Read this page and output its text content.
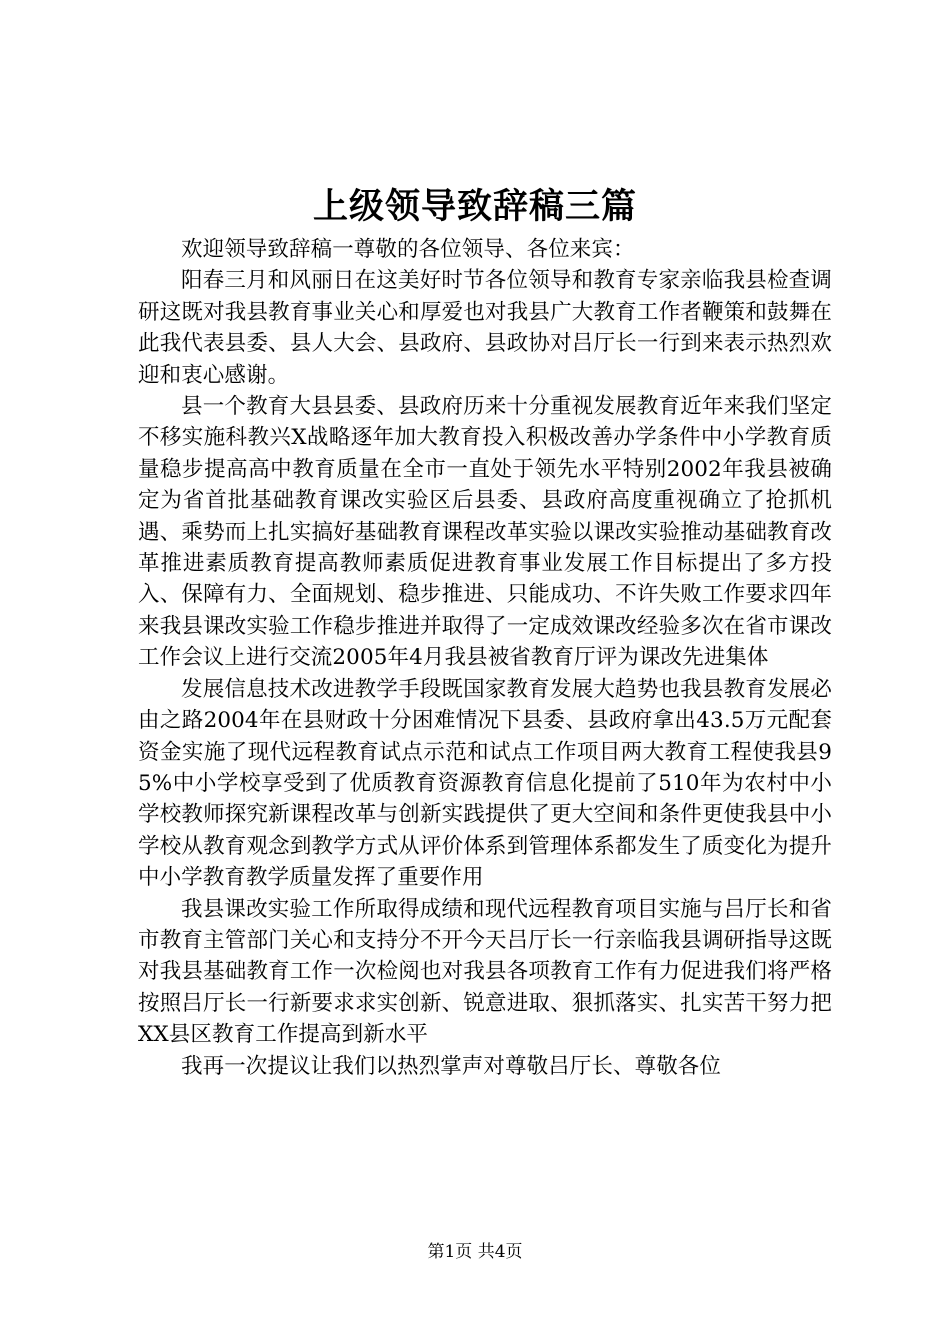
上级领导致辞稿三篇

欢迎领导致辞稿一尊敬的各位领导、各位来宾：

阳春三月和风丽日在这美好时节各位领导和教育专家亲临我县检查调研这既对我县教育事业关心和厚爱也对我县广大教育工作者鞭策和鼓舞在此我代表县委、县人大会、县政府、县政协对吕厅长一行到来表示热烈欢迎和衷心感谢。

县一个教育大县县委、县政府历来十分重视发展教育近年来我们坚定不移实施科教兴X战略逐年加大教育投入积极改善办学条件中小学教育质量稳步提高高中教育质量在全市一直处于领先水平特别2002年我县被确定为省首批基础教育课改实验区后县委、县政府高度重视确立了抢抓机遇、乘势而上扎实搞好基础教育课程改革实验以课改实验推动基础教育改革推进素质教育提高教师素质促进教育事业发展工作目标提出了多方投入、保障有力、全面规划、稳步推进、只能成功、不许失败工作要求四年来我县课改实验工作稳步推进并取得了一定成效课改经验多次在省市课改工作会议上进行交流2005年4月我县被省教育厅评为课改先进集体

发展信息技术改进教学手段既国家教育发展大趋势也我县教育发展必由之路2004年在县财政十分困难情况下县委、县政府拿出43.5万元配套资金实施了现代远程教育试点示范和试点工作项目两大教育工程使我县95%中小学校享受到了优质教育资源教育信息化提前了510年为农村中小学校教师探究新课程改革与创新实践提供了更大空间和条件更使我县中小学校从教育观念到教学方式从评价体系到管理体系都发生了质变化为提升中小学教育教学质量发挥了重要作用

我县课改实验工作所取得成绩和现代远程教育项目实施与吕厅长和省市教育主管部门关心和支持分不开今天吕厅长一行亲临我县调研指导这既对我县基础教育工作一次检阅也对我县各项教育工作有力促进我们将严格按照吕厅长一行新要求求实创新、锐意进取、狠抓落实、扎实苦干努力把XX县区教育工作提高到新水平

我再一次提议让我们以热烈掌声对尊敬吕厅长、尊敬各位

第1页 共4页
